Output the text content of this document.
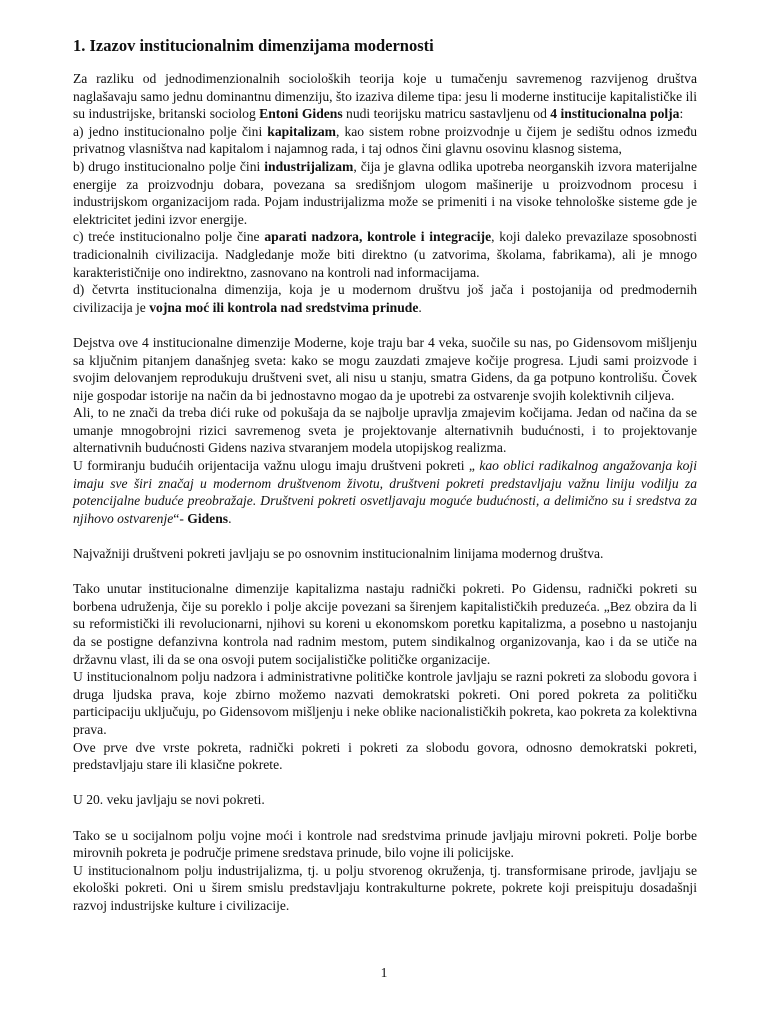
1. Izazov institucionalnim dimenzijama modernosti

Za razliku od jednodimenzionalnih socioloških teorija koje u tumačenju savremenog razvijenog društva naglašavaju samo jednu dominantnu dimenziju, što izaziva dileme tipa: jesu li moderne institucije kapitalističke ili su industrijske, britanski sociolog Entoni Gidens nudi teorijsku matricu sastavljenu od 4 institucionalna polja:

a) jedno institucionalno polje čini kapitalizam, kao sistem robne proizvodnje u čijem je sedištu odnos između privatnog vlasništva nad kapitalom i najamnog rada, i taj odnos čini glavnu osovinu klasnog sistema,

b) drugo institucionalno polje čini industrijalizam, čija je glavna odlika upotreba neorganskih izvora materijalne energije za proizvodnju dobara, povezana sa središnjom ulogom mašinerije u proizvodnom procesu i industrijskom organizacijom rada. Pojam industrijalizma može se primeniti i na visoke tehnološke sisteme gde je elektricitet jedini izvor energije.

c) treće institucionalno polje čine aparati nadzora, kontrole i integracije, koji daleko prevazilaze sposobnosti tradicionalnih civilizacija. Nadgledanje može biti direktno (u zatvorima, školama, fabrikama), ali je mnogo karakterističnije ono indirektno, zasnovano na kontroli nad informacijama.

d) četvrta institucionalna dimenzija, koja je u modernom društvu još jača i postojanija od predmodernih civilizacija je vojna moć ili kontrola nad sredstvima prinude.

Dejstva ove 4 institucionalne dimenzije Moderne, koje traju bar 4 veka, suočile su nas, po Gidensovom mišljenju sa ključnim pitanjem današnjeg sveta: kako se mogu zauzdati zmajeve kočije progresa. Ljudi sami proizvode i svojim delovanjem reprodukuju društveni svet, ali nisu u stanju, smatra Gidens, da ga potpuno kontrolišu. Čovek nije gospodar istorije na način da bi jednostavno mogao da je upotrebi za ostvarenje svojih kolektivnih ciljeva.

Ali, to ne znači da treba dići ruke od pokušaja da se najbolje upravlja zmajevim kočijama. Jedan od načina da se umanje mnogobrojni rizici savremenog sveta je projektovanje alternativnih budućnosti, i to projektovanje alternativnih budućnosti Gidens naziva stvaranjem modela utopijskog realizma.

U formiranju budućih orijentacija važnu ulogu imaju društveni pokreti „ kao oblici radikalnog angažovanja koji imaju sve širi značaj u modernom društvenom životu, društveni pokreti predstavljaju važnu liniju vodilju za potencijalne buduće preobražaje. Društveni pokreti osvetljavaju moguće budućnosti, a delimično su i sredstva za njihovo ostvarenje“- Gidens.

Najvažniji društveni pokreti javljaju se po osnovnim institucionalnim linijama modernog društva.

Tako unutar institucionalne dimenzije kapitalizma nastaju radnički pokreti. Po Gidensu, radnički pokreti su borbena udruženja, čije su poreklo i polje akcije povezani sa širenjem kapitalističkih preduzeća. „Bez obzira da li su reformistički ili revolucionarni, njihovi su koreni u ekonomskom poretku kapitalizma, a posebno u nastojanju da se postigne defanzivna kontrola nad radnim mestom, putem sindikalnog organizovanja, kao i da se utiče na državnu vlast, ili da se ona osvoji putem socijalističke političke organizacije.

U institucionalnom polju nadzora i administrativne političke kontrole javljaju se razni pokreti za slobodu govora i druga ljudska prava, koje zbirno možemo nazvati demokratski pokreti. Oni pored pokreta za političku participaciju uključuju, po Gidensovom mišljenju i neke oblike nacionalističkih pokreta, kao pokreta za kolektivna prava.

Ove prve dve vrste pokreta, radnički pokreti i pokreti za slobodu govora, odnosno demokratski pokreti, predstavljaju stare ili klasične pokrete.

U 20. veku javljaju se novi pokreti.

Tako se u socijalnom polju vojne moći i kontrole nad sredstvima prinude javljaju mirovni pokreti. Polje borbe mirovnih pokreta je područje primene sredstava prinude, bilo vojne ili policijske.

U institucionalnom polju industrijalizma, tj. u polju stvorenog okruženja, tj. transformisane prirode, javljaju se ekološki pokreti. Oni u širem smislu predstavljaju kontrakulturne pokrete, pokrete koji preispituju dosadašnji razvoj industrijske kulture i civilizacije.

1
